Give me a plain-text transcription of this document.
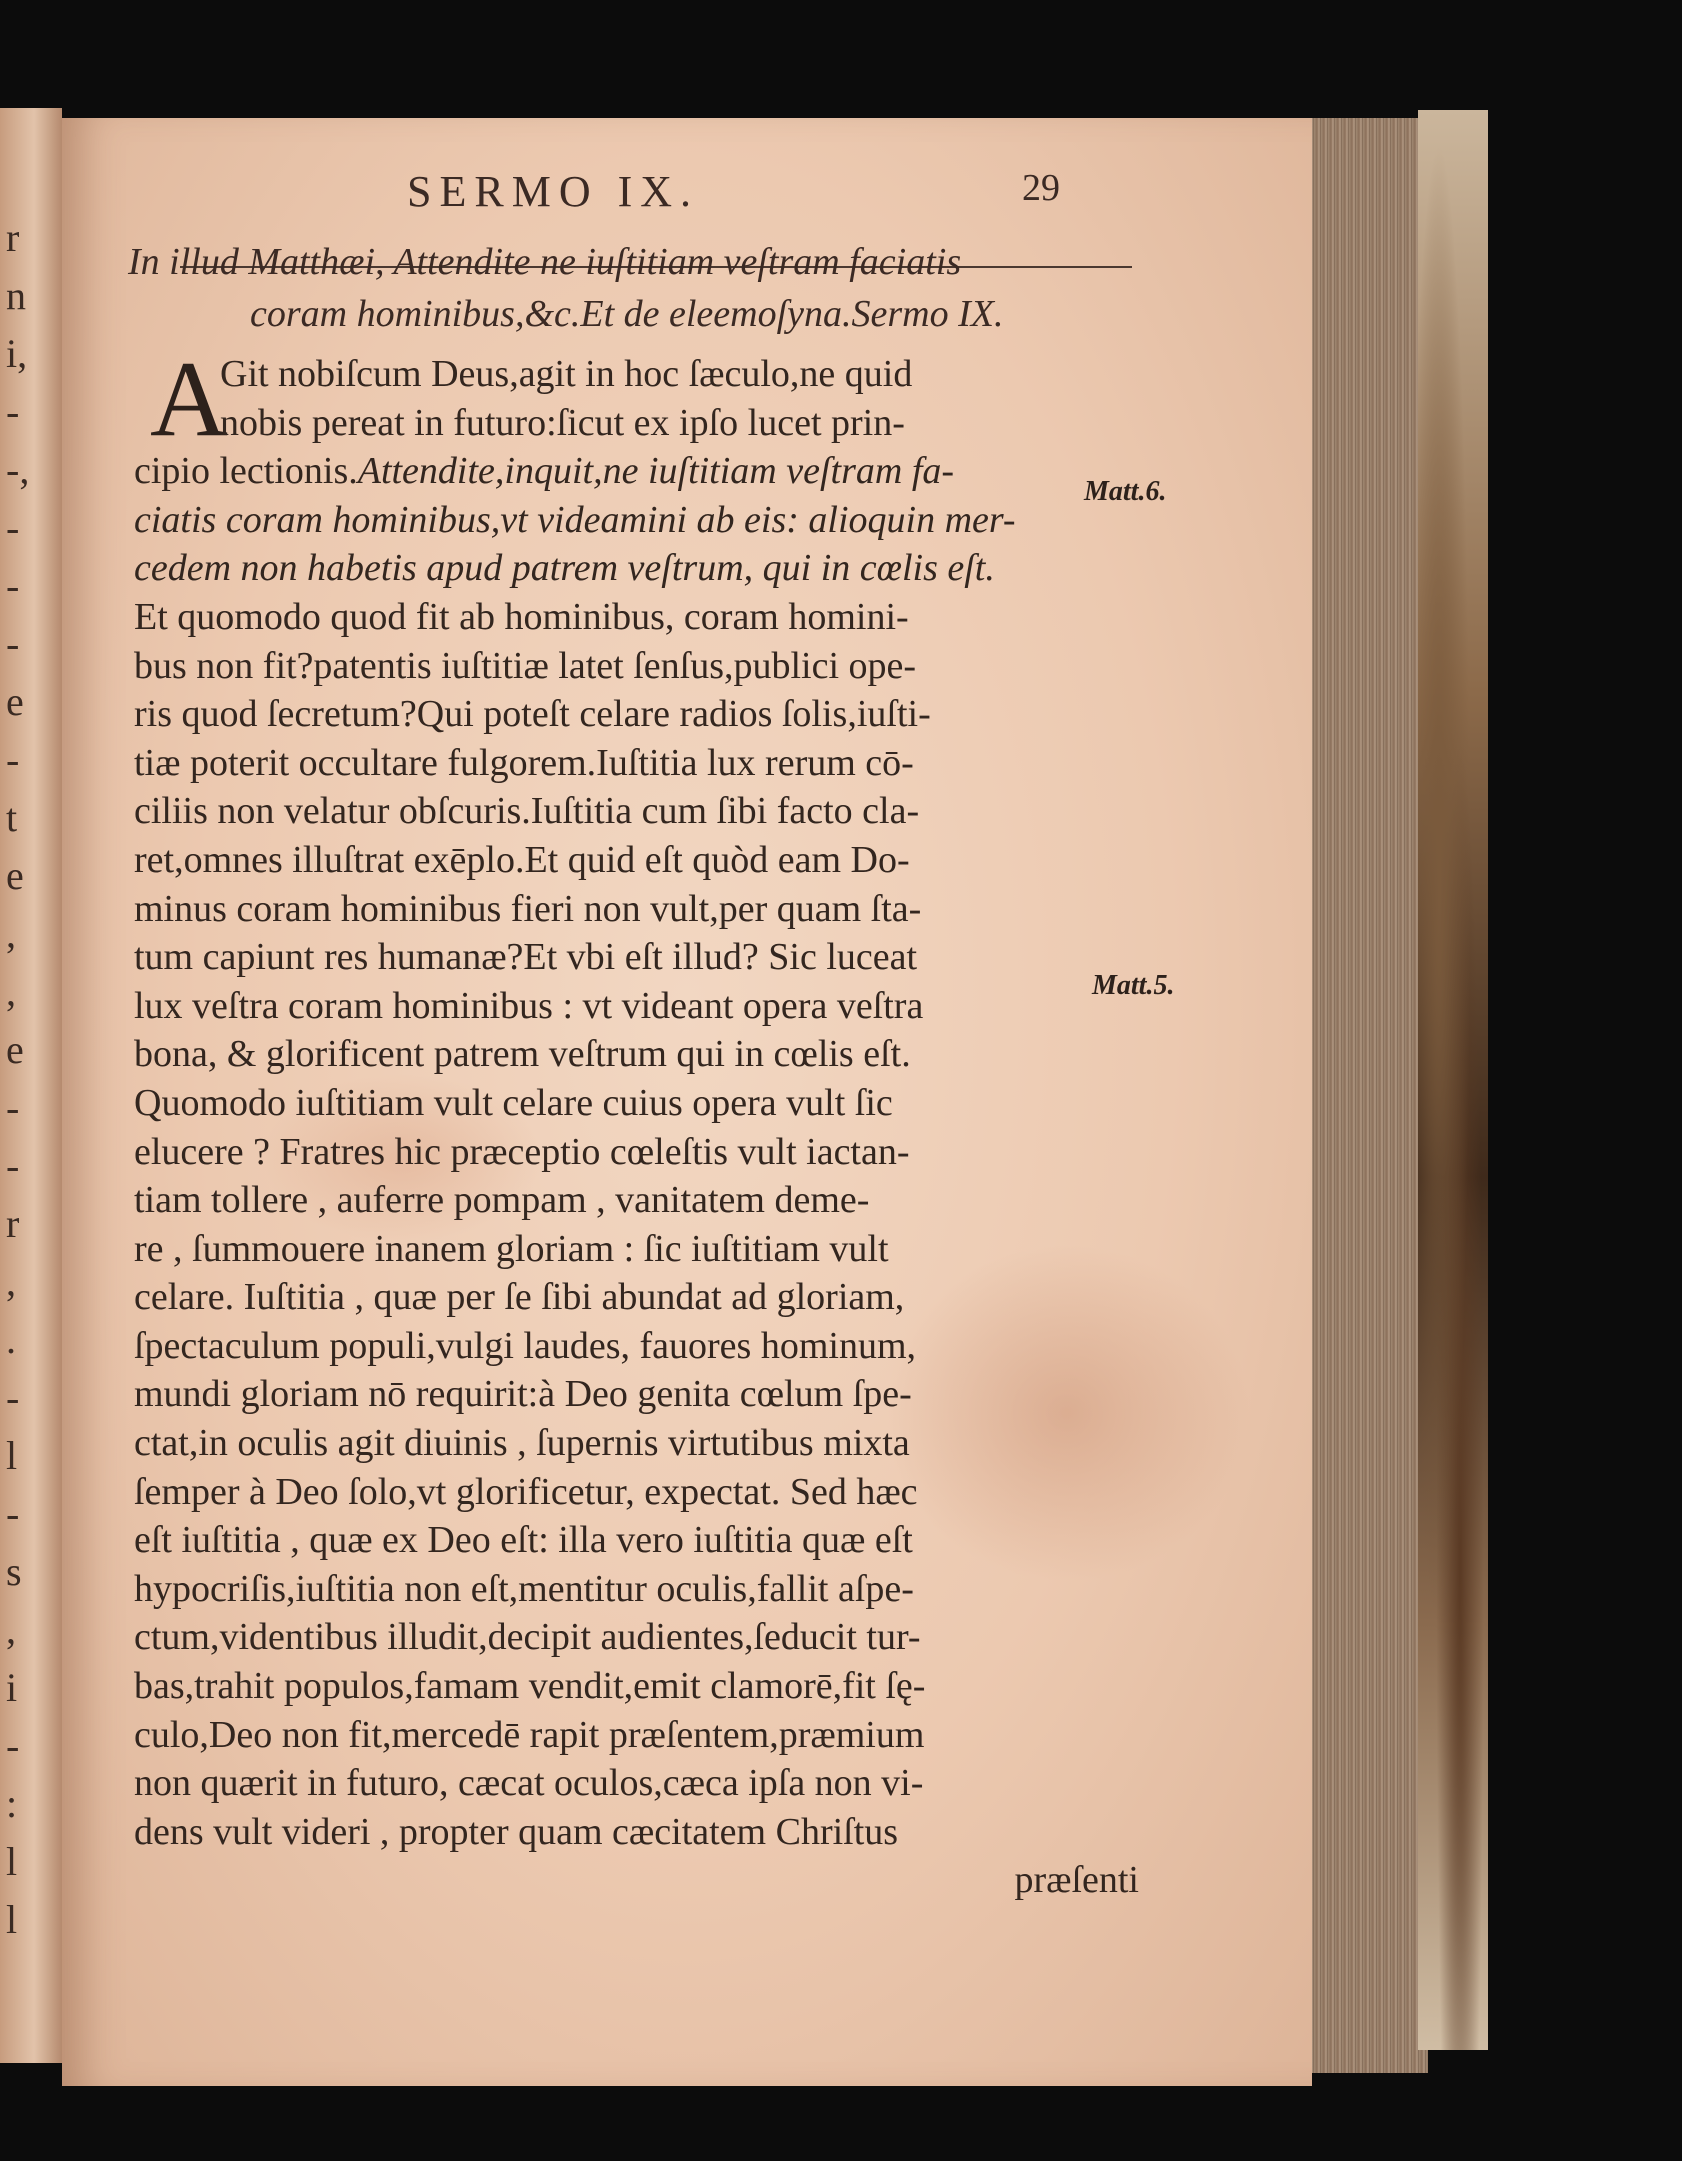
r
n
i,
-
-,
-
-
-
e
-
t
e
,
,
e
-
-
r
,
.
-
l
-
s
,
i
-
:
l
l
SERMO IX.	29
In illud Matthæi, Attendite ne iuſtitiam veſtram faciatis
coram hominibus,&c.Et de eleemoſyna.Sermo IX.
A
Git nobiſcum Deus,agit in hoc ſæculo,ne quid
nobis pereat in futuro:ſicut ex ipſo lucet prin-
cipio lectionis.Attendite,inquit,ne iuſtitiam veſtram fa-
ciatis coram hominibus,vt videamini ab eis: alioquin mer-
cedem non habetis apud patrem veſtrum, qui in cœlis eſt.
Et quomodo quod fit ab hominibus, coram homini-
bus non fit?patentis iuſtitiæ latet ſenſus,publici ope-
ris quod ſecretum?Qui poteſt celare radios ſolis,iuſti-
tiæ poterit occultare fulgorem.Iuſtitia lux rerum cō-
ciliis non velatur obſcuris.Iuſtitia cum ſibi facto cla-
ret,omnes illuſtrat exēplo.Et quid eſt quòd eam Do-
minus coram hominibus fieri non vult,per quam ſta-
tum capiunt res humanæ?Et vbi eſt illud? Sic luceat
lux veſtra coram hominibus : vt videant opera veſtra
bona, & glorificent patrem veſtrum qui in cœlis eſt.
Quomodo iuſtitiam vult celare cuius opera vult ſic
elucere ? Fratres hic præceptio cœleſtis vult iactan-
tiam tollere , auferre pompam , vanitatem deme-
re , ſummouere inanem gloriam : ſic iuſtitiam vult
celare. Iuſtitia , quæ per ſe ſibi abundat ad gloriam,
ſpectaculum populi,vulgi laudes, fauores hominum,
mundi gloriam nō requirit:à Deo genita cœlum ſpe-
ctat,in oculis agit diuinis , ſupernis virtutibus mixta
ſemper à Deo ſolo,vt glorificetur, expectat. Sed hæc
eſt iuſtitia , quæ ex Deo eſt: illa vero iuſtitia quæ eſt
hypocriſis,iuſtitia non eſt,mentitur oculis,fallit aſpe-
ctum,videntibus illudit,decipit audientes,ſeducit tur-
bas,trahit populos,famam vendit,emit clamorē,fit ſę-
culo,Deo non fit,mercedē rapit præſentem,præmium
non quærit in futuro, cæcat oculos,cæca ipſa non vi-
dens vult videri , propter quam cæcitatem Chriſtus
præſenti
Matt.6.
Matt.5.
